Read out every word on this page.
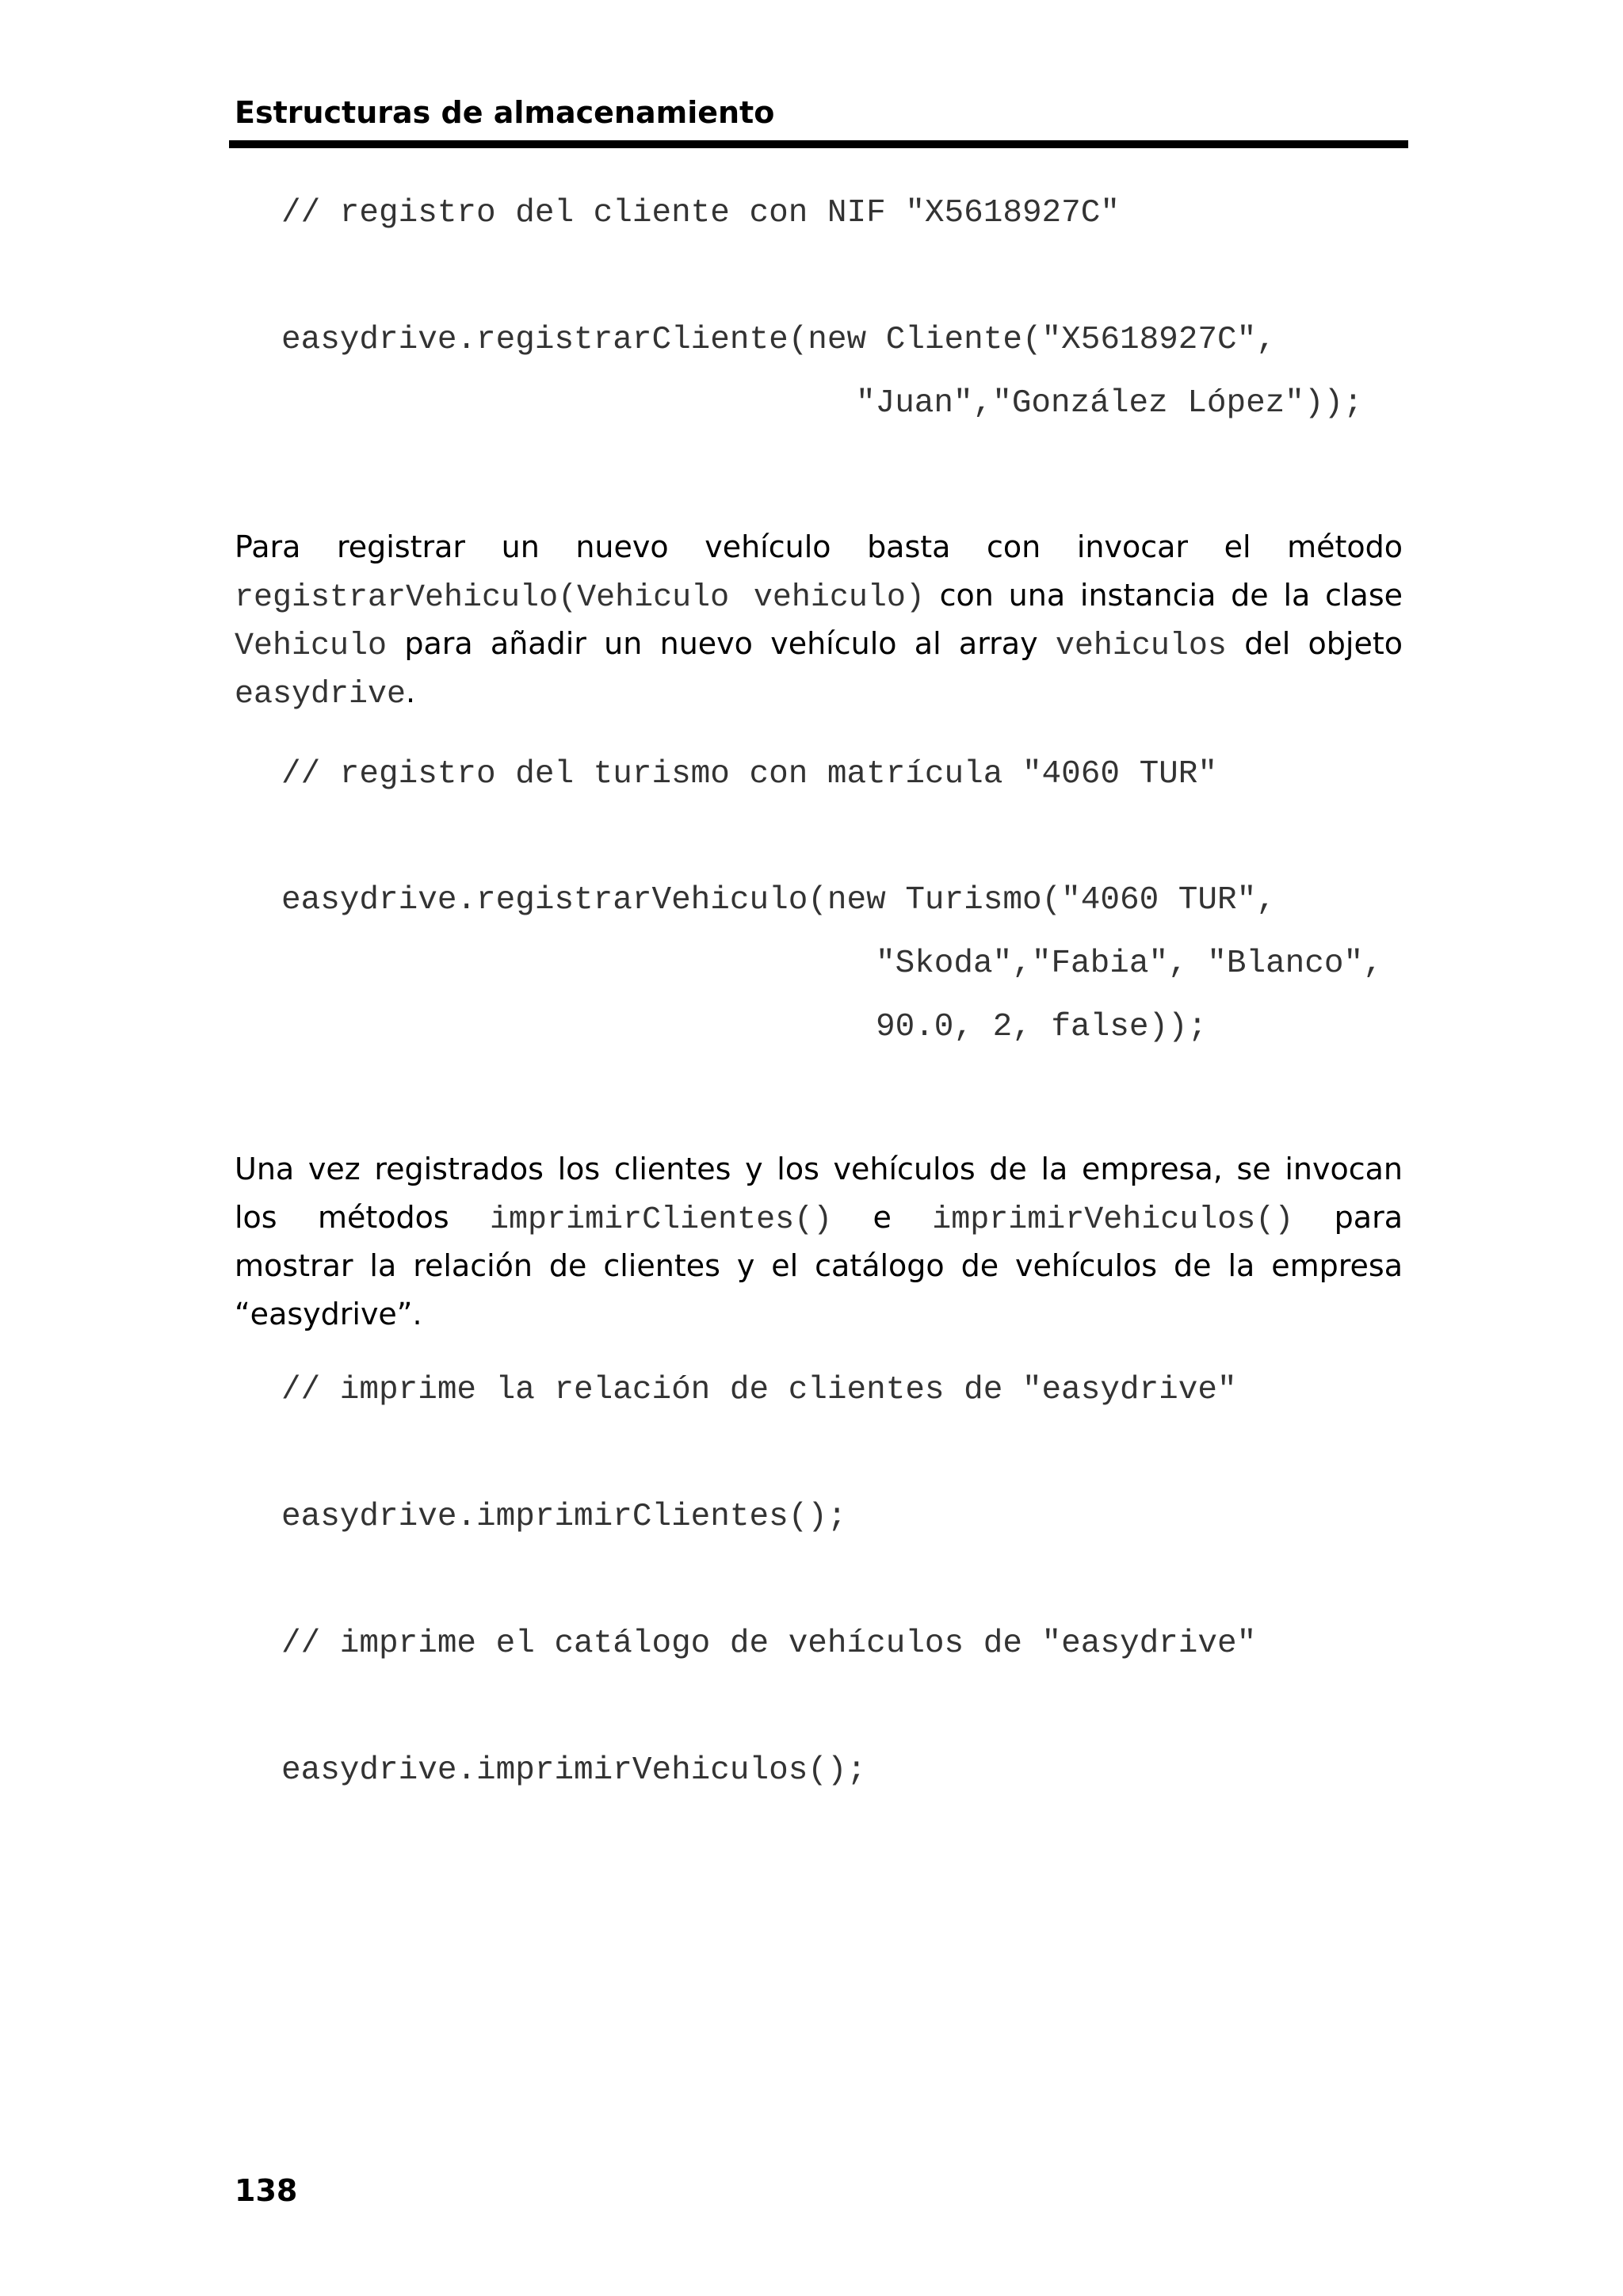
Estructuras de almacenamiento
// registro del cliente con NIF "X5618927C"
easydrive.registrarCliente(new Cliente("X5618927C",
"Juan","González López"));
Para registrar un nuevo vehículo basta con invocar el método
registrarVehiculo(Vehiculo vehiculo) con una instancia de la clase
Vehiculo para añadir un nuevo vehículo al array vehiculos del objeto
easydrive.
// registro del turismo con matrícula "4060 TUR"
easydrive.registrarVehiculo(new Turismo("4060 TUR",
"Skoda","Fabia", "Blanco",
90.0, 2, false));
Una vez registrados los clientes y los vehículos de la empresa, se invocan
los métodos imprimirClientes() e imprimirVehiculos() para
mostrar la relación de clientes y el catálogo de vehículos de la empresa
“easydrive”.
// imprime la relación de clientes de "easydrive"
easydrive.imprimirClientes();
// imprime el catálogo de vehículos de "easydrive"
easydrive.imprimirVehiculos();
138
